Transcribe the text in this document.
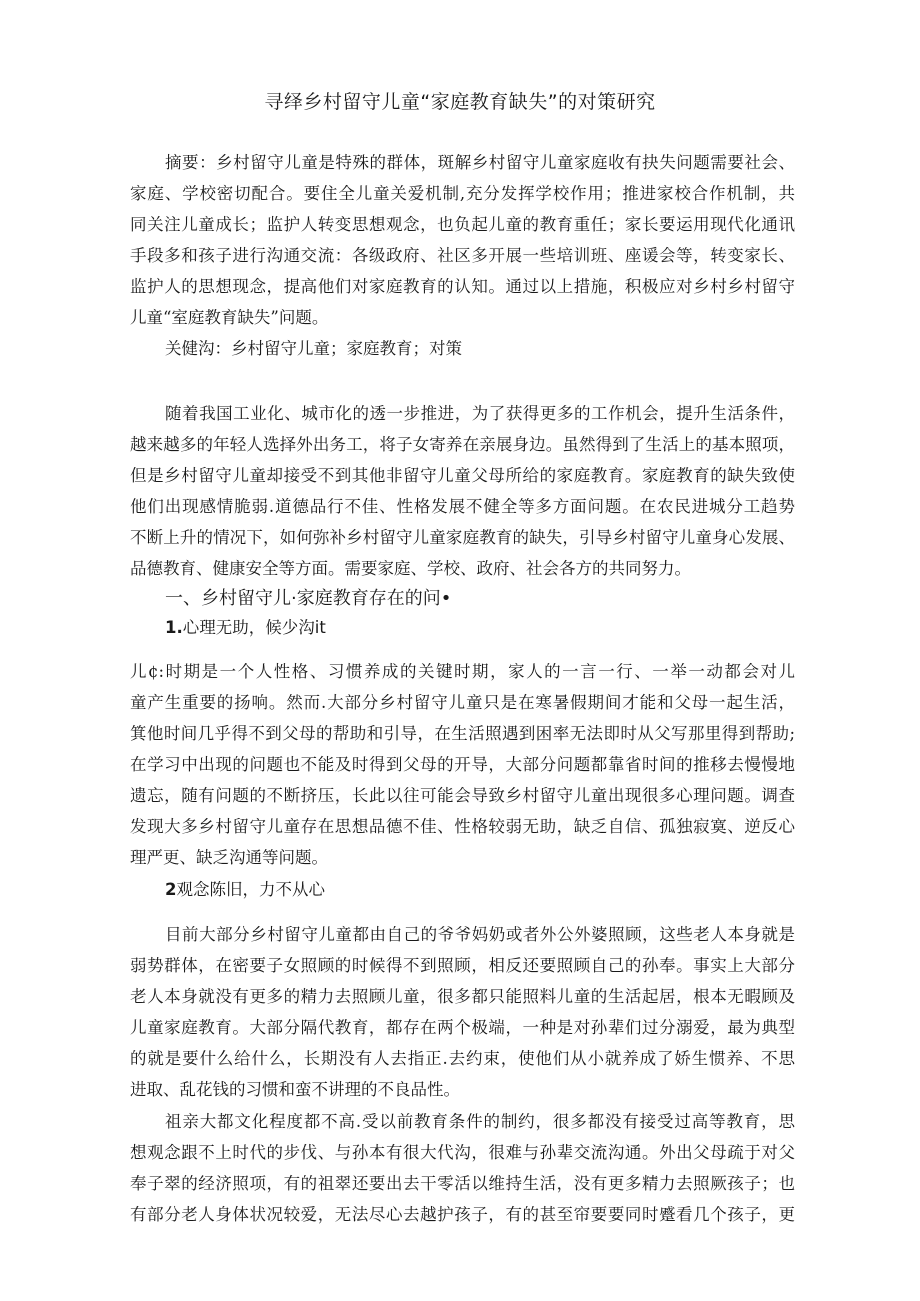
寻绎乡村留守儿童“家庭教育缺失”的对策研究
摘要：乡村留守儿童是特殊的群体，斑解乡村留守儿童家庭收有抉失问题需要社会、
家庭、学校密切配合。要住全儿童关爱机制,充分发挥学校作用；推进家校合作机制，共
同关注儿童成长；监护人转变思想观念，也负起儿童的教育重任；家长要运用现代化通讯
手段多和孩子进行沟通交流：各级政府、社区多开展一些培训班、座谖会等，转变家长、
监护人的思想现念，提高他们对家庭教育的认知。通过以上措施，积极应对乡村乡村留守
儿童“室庭教育缺失”问题。
关健沟：乡村留守儿童；家庭教育；对策
随着我国工业化、城市化的透一步推进，为了获得更多的工作机会，提升生活条件，
越来越多的年轻人选择外出务工，将子女寄养在亲展身边。虽然得到了生活上的基本照项，
但是乡村留守儿童却接受不到其他非留守儿童父母所给的家庭教育。家庭教育的缺失致使
他们出现感情脆弱.道德品行不佳、性格发展不健全等多方面问题。在农民进城分工趋势
不断上升的情况下，如何弥补乡村留守儿童家庭教育的缺失，引导乡村留守儿童身心发展、
品德教育、健康安全等方面。需要家庭、学校、政府、社会各方的共同努力。
一、乡村留守儿·家庭教育存在的问•
1.心理无助，候少沟it
儿¢:时期是一个人性格、习惯养成的关键时期，家人的一言一行、一举一动都会对儿
童产生重要的扬响。然而.大部分乡村留守儿童只是在寒暑假期间才能和父母一起生活，
箕他时间几乎得不到父母的帮助和引导，在生活照遇到困率无法即时从父写那里得到帮助;
在学习中出现的问题也不能及时得到父母的开导，大部分问题都靠省时间的推移去慢慢地
遗忘，随有问题的不断挤压，长此以往可能会导致乡村留守儿童出现很多心理问题。调查
发现大多乡村留守儿童存在思想品德不佳、性格较弱无助，缺乏自信、孤独寂寞、逆反心
理严更、缺乏沟通等问题。
2观念陈旧，力不从心
目前大部分乡村留守儿童都由自己的爷爷妈奶或者外公外婆照顾，这些老人本身就是
弱势群体，在密要子女照顾的时候得不到照顾，相反还要照顾自己的孙奉。事实上大部分
老人本身就没有更多的精力去照顾儿童，很多都只能照料儿童的生活起居，根本无暇顾及
儿童家庭教育。大部分隔代教育，都存在两个极端，一种是对孙辈们过分溺爱，最为典型
的就是要什么给什么，长期没有人去指正.去约束，使他们从小就养成了娇生惯养、不思
进取、乱花钱的习惯和蛮不讲理的不良品性。
祖亲大都文化程度都不高.受以前教育条件的制约，很多都没有接受过高等教育，思
想观念跟不上时代的步伐、与孙本有很大代沟，很难与孙辈交流沟通。外出父母疏于对父
奉子翠的经济照项，有的祖翠还要出去干零活以维持生活，没有更多精力去照厥孩子；也
有部分老人身体状况较爱，无法尽心去越护孩子，有的甚至帘要要同时蹙看几个孩子，更
